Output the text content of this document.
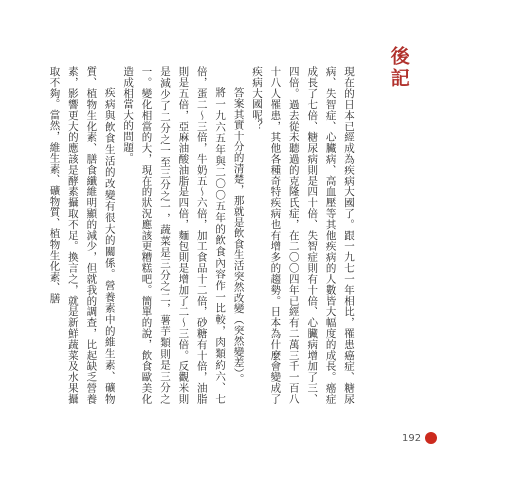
後記

現在的日本已經成為疾病大國了。跟一九七一年相比，罹患癌症、糖尿病、失智症、心臟病、高血壓等其他疾病的人數皆大幅度的成長。癌症成長了七倍、糖尿病則是四十倍、失智症則有十倍、心臟病增加了三、四倍。過去從未聽過的克隆氏症，在二〇〇四年已經有二萬三千一百八十八人罹患，其他各種奇特疾病也有增多的趨勢。日本為什麼會變成了疾病大國呢？

答案其實十分的清楚，那就是飲食生活突然改變（突然變差）。

將一九六五年與二〇〇五年的飲食內容作一比較，肉類約六、七倍，蛋二～三倍，牛奶五～六倍，加工食品十二倍，砂糖有十倍，油脂則是五倍，亞麻油酸油脂是四倍，麵包則是增加了二～三倍。反觀米則是減少了二分之一至三分之一，蔬菜是三分之二，薯芋類則是三分之一。變化相當的大，現在的狀況應該更糟糕吧。簡單的說，飲食歐美化造成相當大的問題。

疾病與飲食生活的改變有很大的關係。營養素中的維生素、礦物質、植物生化素、膳食纖維明顯的減少，但就我的調查，比起缺乏營養素，影響更大的應該是酵素攝取不足。換言之，就是新鮮蔬菜及水果攝取不夠。當然，維生素、礦物質、植物生化素、膳

192
